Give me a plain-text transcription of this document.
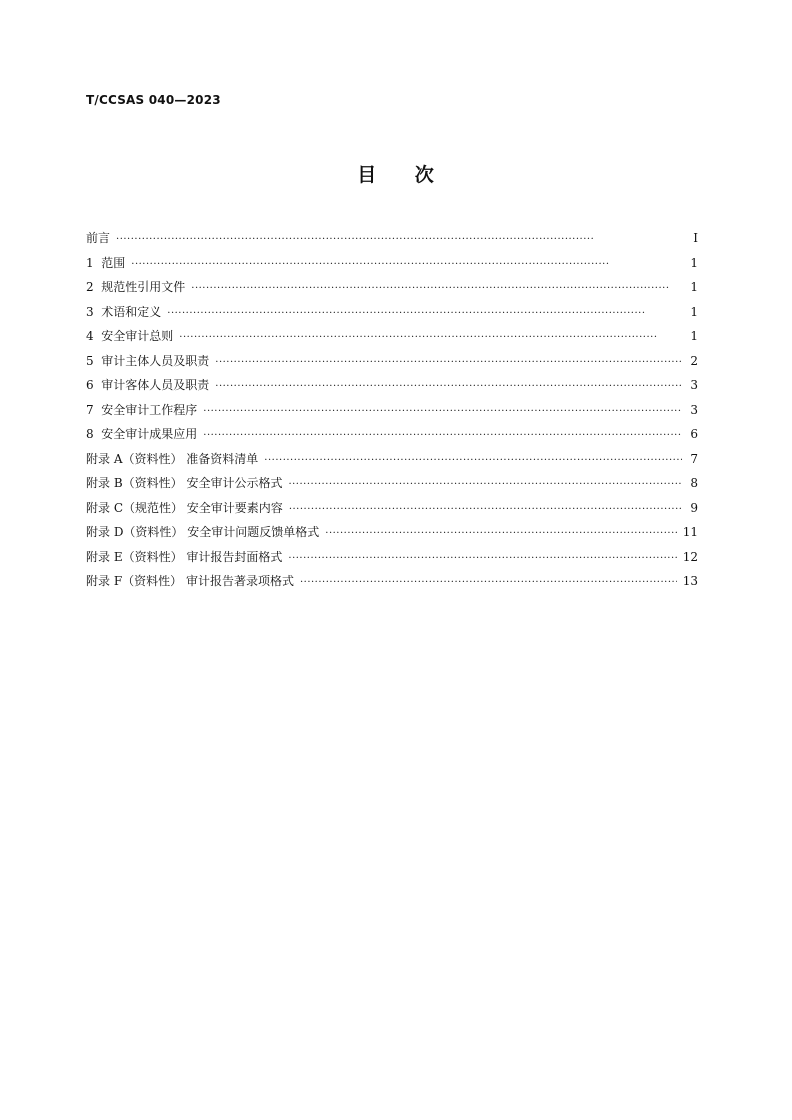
T/CCSAS 040—2023
目 次
前言 ·····	I
1  范围 ·····	1
2  规范性引用文件 ·····	1
3  术语和定义 ·····	1
4  安全审计总则 ·····	1
5  审计主体人员及职责 ·····	2
6  审计客体人员及职责 ·····	3
7  安全审计工作程序 ·····	3
8  安全审计成果应用 ·····	6
附录 A（资料性） 准备资料清单 ·····	7
附录 B（资料性） 安全审计公示格式 ·····	8
附录 C（规范性） 安全审计要素内容 ·····	9
附录 D（资料性） 安全审计问题反馈单格式 ·····	11
附录 E（资料性） 审计报告封面格式 ·····	12
附录 F（资料性） 审计报告著录项格式 ·····	13
